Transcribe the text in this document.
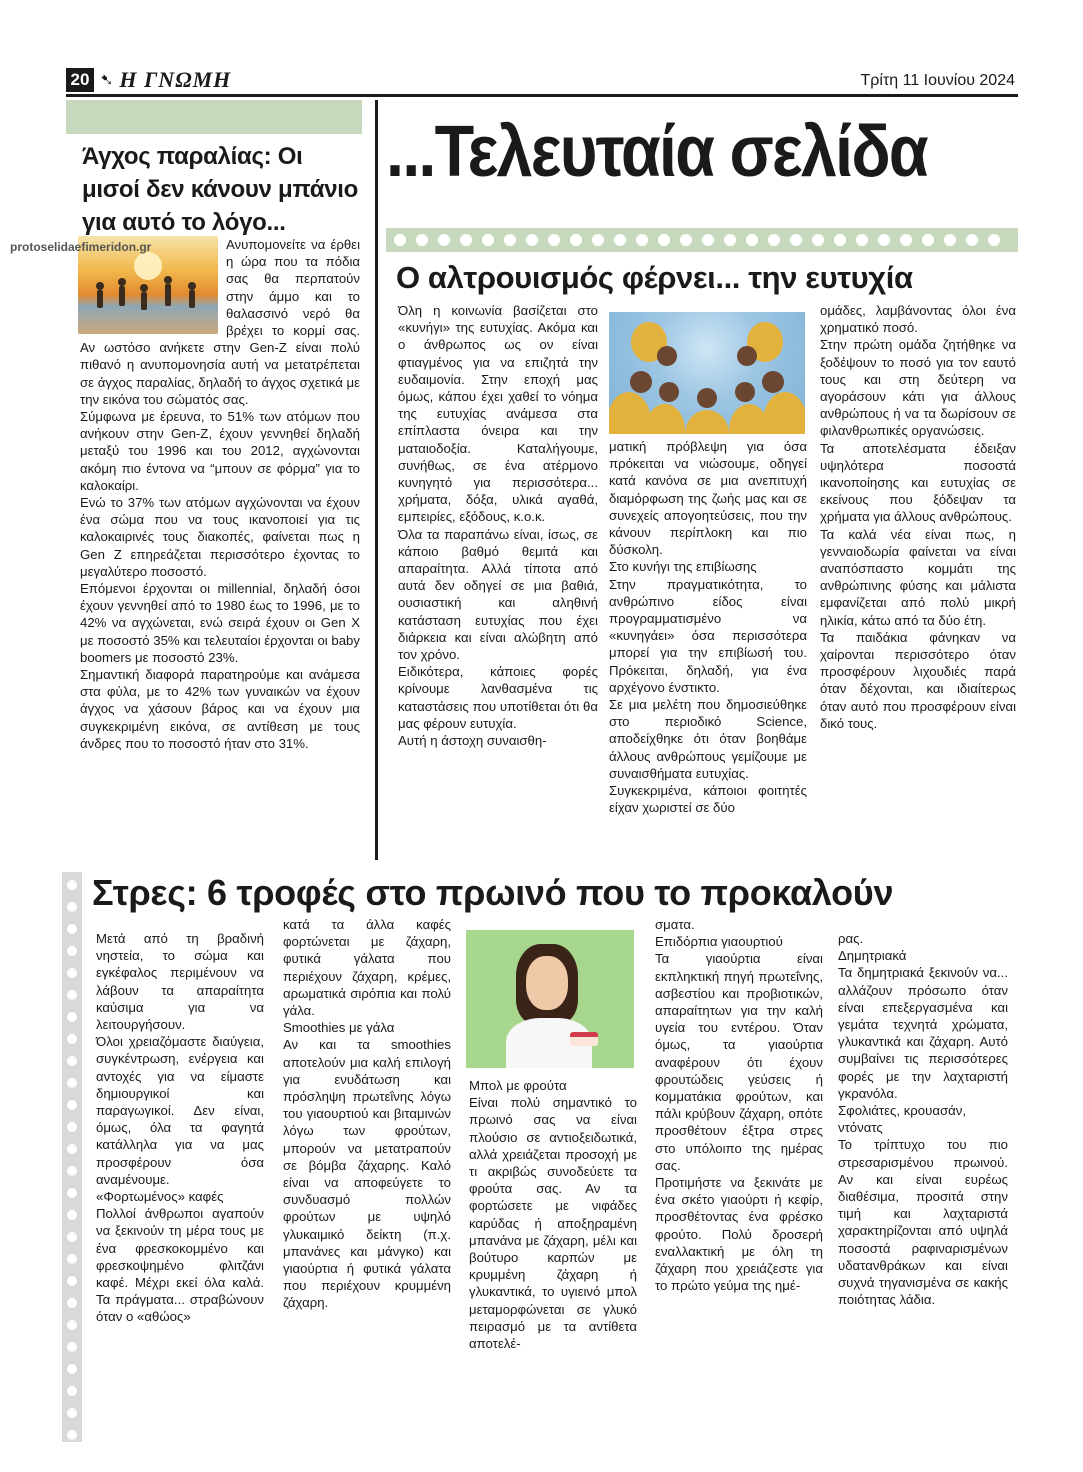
20 ➷ Η ΓΝΩΜΗ	Τρίτη 11 Ιουνίου 2024
Άγχος παραλίας: Οι μισοί δεν κάνουν μπάνιο για αυτό το λόγο...

Ανυπομονείτε να έρθει η ώρα που τα πόδια σας θα περπατούν στην άμμο και το θαλασσινό νερό θα βρέχει το κορμί σας. Αν ωστόσο ανήκετε στην Gen-Z είναι πολύ πιθανό η ανυπομονησία αυτή να μετατρέπεται σε άγχος παραλίας, δηλαδή το άγχος σχετικά με την εικόνα του σώματός σας.

Σύμφωνα με έρευνα, το 51% των ατόμων που ανήκουν στην Gen-Z, έχουν γεννηθεί δηλαδή μεταξύ του 1996 και του 2012, αγχώνονται ακόμη πιο έντονα να “μπουν σε φόρμα” για το καλοκαίρι.

Ενώ το 37% των ατόμων αγχώνονται να έχουν ένα σώμα που να τους ικανοποιεί για τις καλοκαιρινές τους διακοπές, φαίνεται πως η Gen Z επηρεάζεται περισσότερο έχοντας το μεγαλύτερο ποσοστό.

Επόμενοι έρχονται οι millennial, δηλαδή όσοι έχουν γεννηθεί από το 1980 έως το 1996, με το 42% να αγχώνεται, ενώ σειρά έχουν οι Gen X με ποσοστό 35% και τελευταίοι έρχονται οι baby boomers με ποσοστό 23%.

Σημαντική διαφορά παρατηρούμε και ανάμεσα στα φύλα, με το 42% των γυναικών να έχουν άγχος να χάσουν βάρος και να έχουν μια συγκεκριμένη εικόνα, σε αντίθεση με τους άνδρες που το ποσοστό ήταν στο 31%.

protoselidaefimeridon.gr
...Τελευταία σελίδα
Ο αλτρουισμός φέρνει... την ευτυχία

Όλη η κοινωνία βασίζεται στο «κυνήγι» της ευτυχίας. Ακόμα και ο άνθρωπος ως ον είναι φτιαγμένος για να επιζητά την ευδαιμονία. Στην εποχή μας όμως, κάπου έχει χαθεί το νόημα της ευτυχίας ανάμεσα στα επίπλαστα όνειρα και την ματαιοδοξία. Καταλήγουμε, συνήθως, σε ένα ατέρμονο κυνηγητό για περισσότερα... χρήματα, δόξα, υλικά αγαθά, εμπειρίες, εξόδους, κ.ο.κ.

Όλα τα παραπάνω είναι, ίσως, σε κάποιο βαθμό θεμιτά και απαραίτητα. Αλλά τίποτα από αυτά δεν οδηγεί σε μια βαθιά, ουσιαστική και αληθινή κατάσταση ευτυχίας που έχει διάρκεια και είναι αλώβητη από τον χρόνο.

Ειδικότερα, κάποιες φορές κρίνουμε λανθασμένα τις καταστάσεις που υποτίθεται ότι θα μας φέρουν ευτυχία.

Αυτή η άστοχη συναισθη-

ματική πρόβλεψη για όσα πρόκειται να νιώσουμε, οδηγεί κατά κανόνα σε μια ανεπιτυχή διαμόρφωση της ζωής μας και σε συνεχείς απογοητεύσεις, που την κάνουν περίπλοκη και πιο δύσκολη.

Στο κυνήγι της επιβίωσης

Στην πραγματικότητα, το ανθρώπινο είδος είναι προγραμματισμένο να «κυνηγάει» όσα περισσότερα μπορεί για την επιβίωσή του. Πρόκειται, δηλαδή, για ένα αρχέγονο ένστικτο.

Σε μια μελέτη που δημοσιεύθηκε στο περιοδικό Science, αποδείχθηκε ότι όταν βοηθάμε άλλους ανθρώπους γεμίζουμε με συναισθήματα ευτυχίας.

Συγκεκριμένα, κάποιοι φοιτητές είχαν χωριστεί σε δύο

ομάδες, λαμβάνοντας όλοι ένα χρηματικό ποσό.

Στην πρώτη ομάδα ζητήθηκε να ξοδέψουν το ποσό για τον εαυτό τους και στη δεύτερη να αγοράσουν κάτι για άλλους ανθρώπους ή να τα δωρίσουν σε φιλανθρωπικές οργανώσεις.

Τα αποτελέσματα έδειξαν υψηλότερα ποσοστά ικανοποίησης και ευτυχίας σε εκείνους που ξόδεψαν τα χρήματα για άλλους ανθρώπους.

Τα καλά νέα είναι πως, η γενναιοδωρία φαίνεται να είναι αναπόσπαστο κομμάτι της ανθρώπινης φύσης και μάλιστα εμφανίζεται από πολύ μικρή ηλικία, κάτω από τα δύο έτη.

Τα παιδάκια φάνηκαν να χαίρονται περισσότερο όταν προσφέρουν λιχουδιές παρά όταν δέχονται, και ιδιαίτερως όταν αυτό που προσφέρουν είναι δικό τους.

Στρες: 6 τροφές στο πρωινό που το προκαλούν

Μετά από τη βραδινή νηστεία, το σώμα και εγκέφαλος περιμένουν να λάβουν τα απαραίτητα καύσιμα για να λειτουργήσουν.

Όλοι χρειαζόμαστε διαύγεια, συγκέντρωση, ενέργεια και αντοχές για να είμαστε δημιουργικοί και παραγωγικοί. Δεν είναι, όμως, όλα τα φαγητά κατάλληλα για να μας προσφέρουν όσα αναμένουμε.

«Φορτωμένος» καφές

Πολλοί άνθρωποι αγαπούν να ξεκινούν τη μέρα τους με ένα φρεσκοκομμένο και φρεσκοψημένο φλιτζάνι καφέ. Μέχρι εκεί όλα καλά. Τα πράγματα... στραβώνουν όταν ο «αθώος»

κατά τα άλλα καφές φορτώνεται με ζάχαρη, φυτικά γάλατα που περιέχουν ζάχαρη, κρέμες, αρωματικά σιρόπια και πολύ γάλα.

Smoothies με γάλα

Αν και τα smoothies αποτελούν μια καλή επιλογή για ενυδάτωση και πρόσληψη πρωτεΐνης λόγω του γιαουρτιού και βιταμινών λόγω των φρούτων, μπορούν να μετατραπούν σε βόμβα ζάχαρης. Καλό είναι να αποφεύγετε το συνδυασμό πολλών φρούτων με υψηλό γλυκαιμικό δείκτη (π.χ. μπανάνες και μάνγκο) και γιαούρτια ή φυτικά γάλατα που περιέχουν κρυμμένη ζάχαρη.

Μπολ με φρούτα

Είναι πολύ σημαντικό το πρωινό σας να είναι πλούσιο σε αντιοξειδωτικά, αλλά χρειάζεται προσοχή με τι ακριβώς συνοδεύετε τα φρούτα σας. Αν τα φορτώσετε με νιφάδες καρύδας ή αποξηραμένη μπανάνα με ζάχαρη, μέλι και βούτυρο καρπών με κρυμμένη ζάχαρη ή γλυκαντικά, το υγιεινό μπολ μεταμορφώνεται σε γλυκό πειρασμό με τα αντίθετα αποτελέ-

σματα.

Επιδόρπια γιαουρτιού

Τα γιαούρτια είναι εκπληκτική πηγή πρωτεΐνης, ασβεστίου και προβιοτικών, απαραίτητων για την καλή υγεία του εντέρου. Όταν όμως, τα γιαούρτια αναφέρουν ότι έχουν φρουτώδεις γεύσεις ή κομματάκια φρούτων, και πάλι κρύβουν ζάχαρη, οπότε προσθέτουν έξτρα στρες στο υπόλοιπο της ημέρας σας.

Προτιμήστε να ξεκινάτε με ένα σκέτο γιαούρτι ή κεφίρ, προσθέτοντας ένα φρέσκο φρούτο. Πολύ δροσερή εναλλακτική με όλη τη ζάχαρη που χρειάζεστε για το πρώτο γεύμα της ημέ-

ρας.

Δημητριακά

Τα δημητριακά ξεκινούν να... αλλάζουν πρόσωπο όταν είναι επεξεργασμένα και γεμάτα τεχνητά χρώματα, γλυκαντικά και ζάχαρη. Αυτό συμβαίνει τις περισσότερες φορές με την λαχταριστή γκρανόλα.

Σφολιάτες, κρουασάν, ντόνατς

Το τρίπτυχο του πιο στρεσαρισμένου πρωινού. Αν και είναι ευρέως διαθέσιμα, προσιτά στην τιμή και λαχταριστά χαρακτηρίζονται από υψηλά ποσοστά ραφιναρισμένων υδατανθράκων και είναι συχνά τηγανισμένα σε κακής ποιότητας λάδια.
